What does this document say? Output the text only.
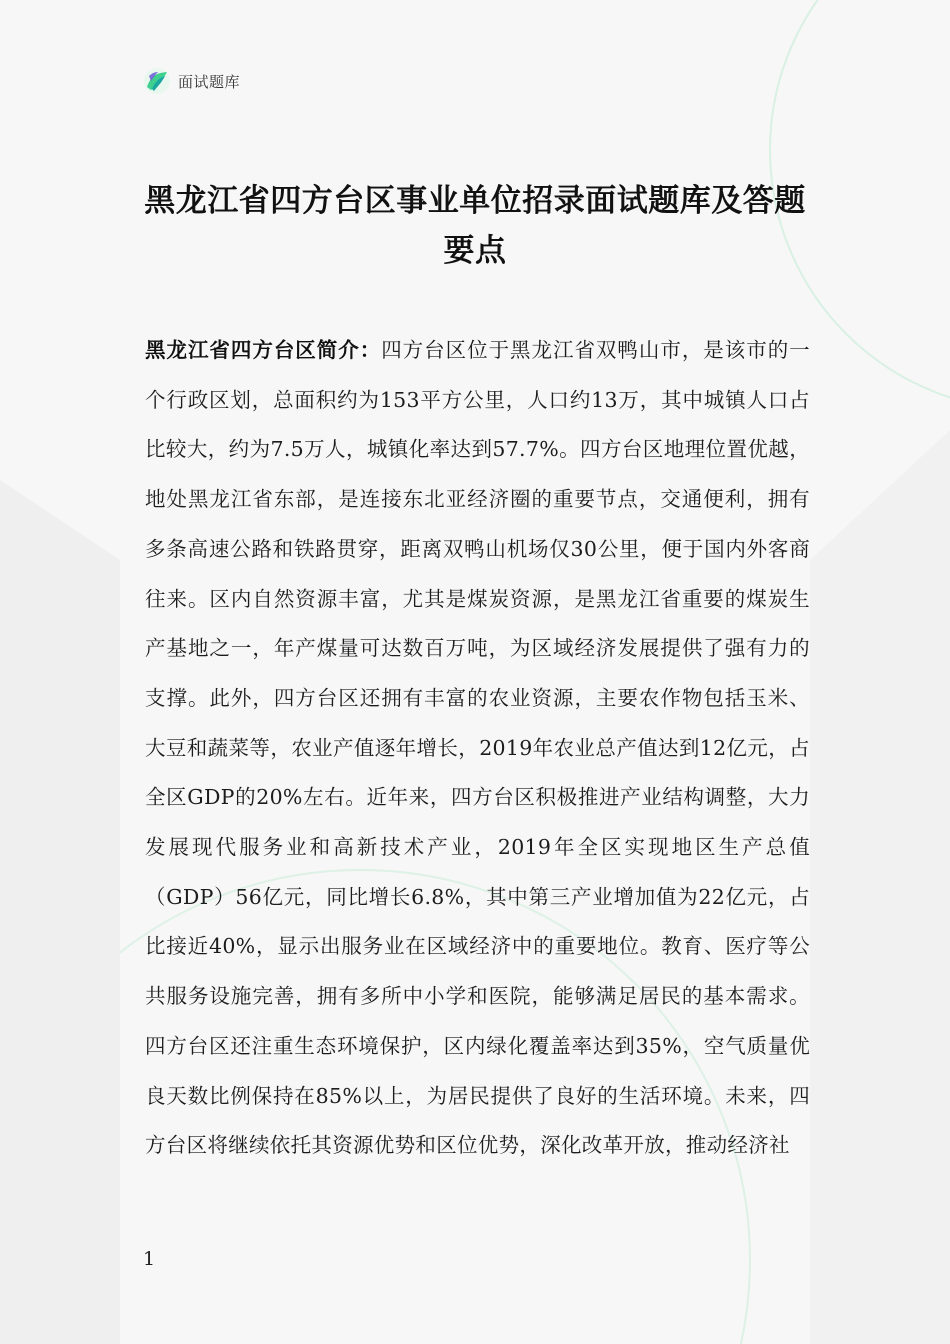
面试题库
黑龙江省四方台区事业单位招录面试题库及答题要点

黑龙江省四方台区简介：四方台区位于黑龙江省双鸭山市，是该市的一个行政区划，总面积约为153平方公里，人口约13万，其中城镇人口占比较大，约为7.5万人，城镇化率达到57.7%。四方台区地理位置优越，地处黑龙江省东部，是连接东北亚经济圈的重要节点，交通便利，拥有多条高速公路和铁路贯穿，距离双鸭山机场仅30公里，便于国内外客商往来。区内自然资源丰富，尤其是煤炭资源，是黑龙江省重要的煤炭生产基地之一，年产煤量可达数百万吨，为区域经济发展提供了强有力的支撑。此外，四方台区还拥有丰富的农业资源，主要农作物包括玉米、大豆和蔬菜等，农业产值逐年增长，2019年农业总产值达到12亿元，占全区GDP的20%左右。近年来，四方台区积极推进产业结构调整，大力发展现代服务业和高新技术产业，2019年全区实现地区生产总值（GDP）56亿元，同比增长6.8%，其中第三产业增加值为22亿元，占比接近40%，显示出服务业在区域经济中的重要地位。教育、医疗等公共服务设施完善，拥有多所中小学和医院，能够满足居民的基本需求。四方台区还注重生态环境保护，区内绿化覆盖率达到35%，空气质量优良天数比例保持在85%以上，为居民提供了良好的生活环境。未来，四方台区将继续依托其资源优势和区位优势，深化改革开放，推动经济社

1
